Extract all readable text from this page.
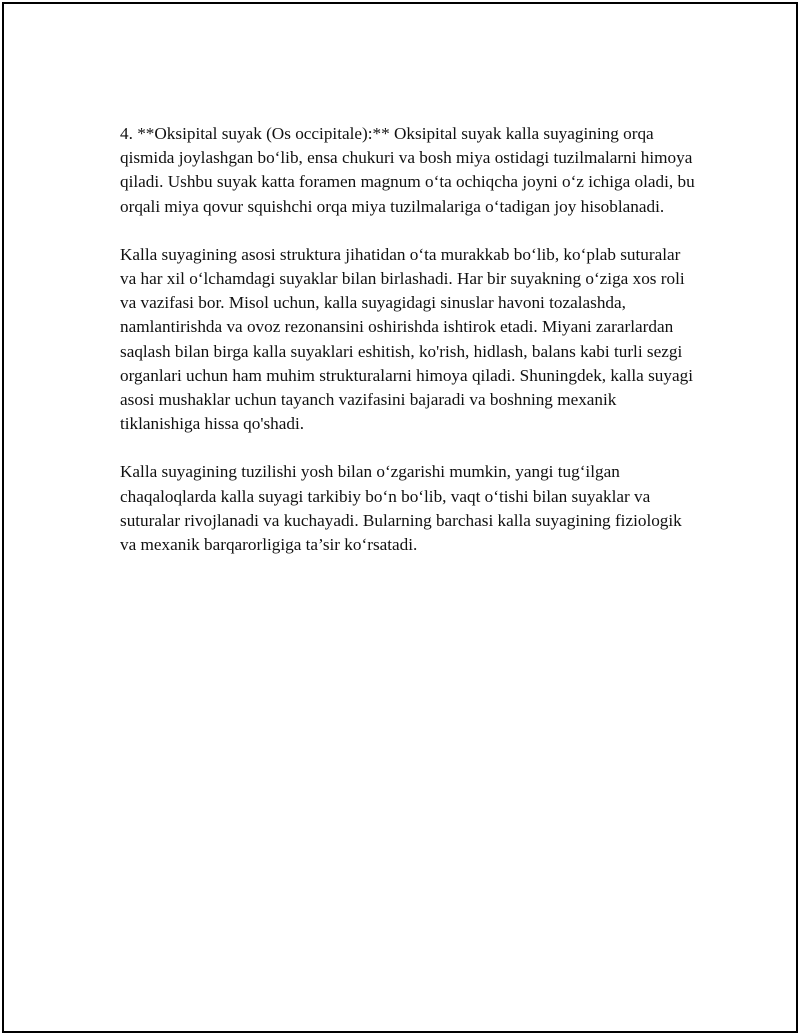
4. **Oksipital suyak (Os occipitale):** Oksipital suyak kalla suyagining orqa qismida joylashgan bo‘lib, ensa chukuri va bosh miya ostidagi tuzilmalarni himoya qiladi. Ushbu suyak katta foramen magnum o‘ta ochiqcha joyni o‘z ichiga oladi, bu orqali miya qovur squishchi orqa miya tuzilmalariga o‘tadigan joy hisoblanadi.

Kalla suyagining asosi struktura jihatidan o‘ta murakkab bo‘lib, ko‘plab suturalar va har xil o‘lchamdagi suyaklar bilan birlashadi. Har bir suyakning o‘ziga xos roli va vazifasi bor. Misol uchun, kalla suyagidagi sinuslar havoni tozalashda, namlantirishda va ovoz rezonansini oshirishda ishtirok etadi. Miyani zararlardan saqlash bilan birga kalla suyaklari eshitish, ko'rish, hidlash, balans kabi turli sezgi organlari uchun ham muhim strukturalarni himoya qiladi. Shuningdek, kalla suyagi asosi mushaklar uchun tayanch vazifasini bajaradi va boshning mexanik tiklanishiga hissa qo'shadi.

Kalla suyagining tuzilishi yosh bilan o‘zgarishi mumkin, yangi tug‘ilgan chaqaloqlarda kalla suyagi tarkibiy bo‘n bo‘lib, vaqt o‘tishi bilan suyaklar va suturalar rivojlanadi va kuchayadi. Bularning barchasi kalla suyagining fiziologik va mexanik barqarorligiga ta’sir ko‘rsatadi.
